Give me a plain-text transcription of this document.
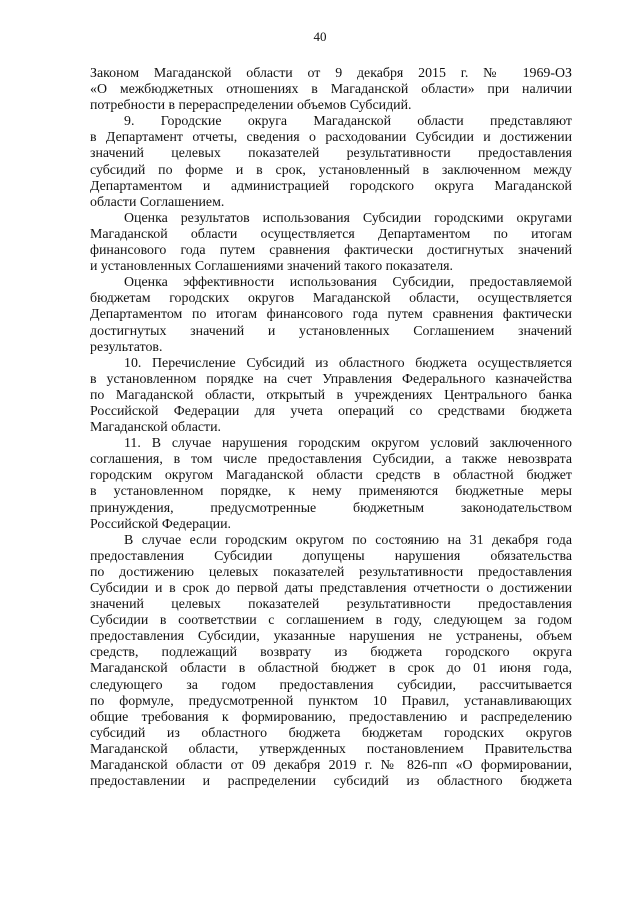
40
Законом Магаданской области от 9 декабря 2015 г. № 1969-ОЗ
«О межбюджетных отношениях в Магаданской области» при наличии
потребности в перераспределении объемов Субсидий.
9. Городские округа Магаданской области представляют
в Департамент отчеты, сведения о расходовании Субсидии и достижении
значений целевых показателей результативности предоставления
субсидий по форме и в срок, установленный в заключенном между
Департаментом и администрацией городского округа Магаданской
области Соглашением.
Оценка результатов использования Субсидии городскими округами
Магаданской области осуществляется Департаментом по итогам
финансового года путем сравнения фактически достигнутых значений
и установленных Соглашениями значений такого показателя.
Оценка эффективности использования Субсидии, предоставляемой
бюджетам городских округов Магаданской области, осуществляется
Департаментом по итогам финансового года путем сравнения фактически
достигнутых значений и установленных Соглашением значений
результатов.
10. Перечисление Субсидий из областного бюджета осуществляется
в установленном порядке на счет Управления Федерального казначейства
по Магаданской области, открытый в учреждениях Центрального банка
Российской Федерации для учета операций со средствами бюджета
Магаданской области.
11. В случае нарушения городским округом условий заключенного
соглашения, в том числе предоставления Субсидии, а также невозврата
городским округом Магаданской области средств в областной бюджет
в установленном порядке, к нему применяются бюджетные меры
принуждения, предусмотренные бюджетным законодательством
Российской Федерации.
В случае если городским округом по состоянию на 31 декабря года
предоставления Субсидии допущены нарушения обязательства
по достижению целевых показателей результативности предоставления
Субсидии и в срок до первой даты представления отчетности о достижении
значений целевых показателей результативности предоставления
Субсидии в соответствии с соглашением в году, следующем за годом
предоставления Субсидии, указанные нарушения не устранены, объем
средств, подлежащий возврату из бюджета городского округа
Магаданской области в областной бюджет в срок до 01 июня года,
следующего за годом предоставления субсидии, рассчитывается
по формуле, предусмотренной пунктом 10 Правил, устанавливающих
общие требования к формированию, предоставлению и распределению
субсидий из областного бюджета бюджетам городских округов
Магаданской области, утвержденных постановлением Правительства
Магаданской области от 09 декабря 2019 г. № 826-пп «О формировании,
предоставлении и распределении субсидий из областного бюджета
